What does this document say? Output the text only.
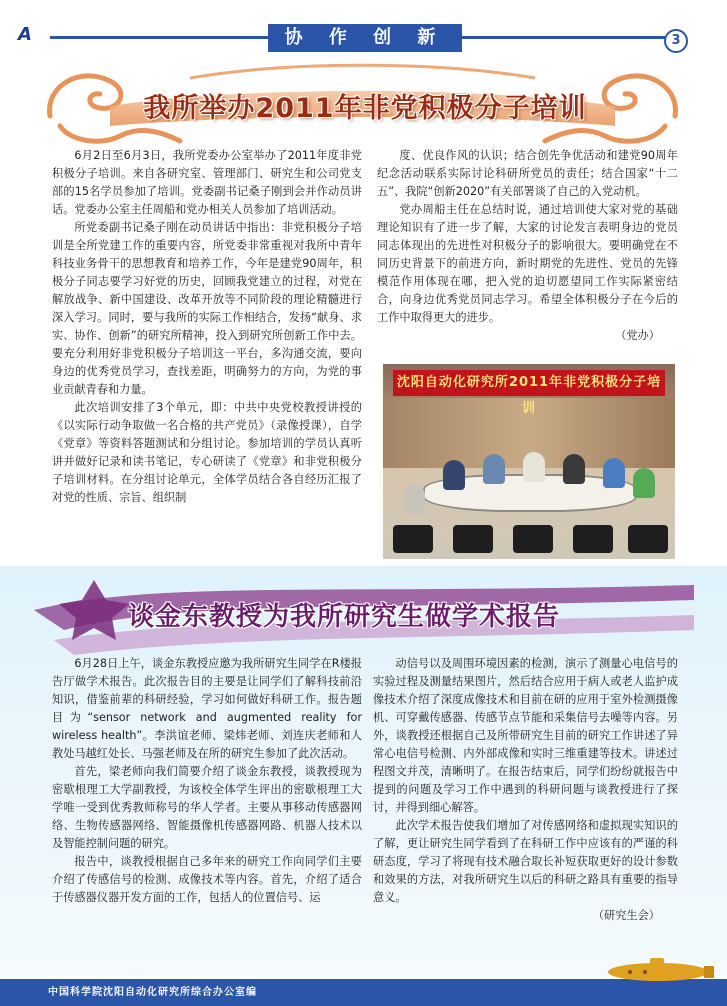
A	协 作 创 新	3
我所举办2011年非党积极分子培训

6月2日至6月3日，我所党委办公室举办了2011年度非党积极分子培训。来自各研究室、管理部门、研究生和公司党支部的15名学员参加了培训。党委副书记桑子刚到会并作动员讲话。党委办公室主任周船和党办相关人员参加了培训活动。

所党委副书记桑子刚在动员讲话中指出：非党积极分子培训是全所党建工作的重要内容，所党委非常重视对我所中青年科技业务骨干的思想教育和培养工作，今年是建党90周年，积极分子同志要学习好党的历史，回顾我党建立的过程，对党在解放战争、新中国建设、改革开放等不同阶段的理论精髓进行深入学习。同时，要与我所的实际工作相结合，发扬“献身、求实、协作、创新”的研究所精神，投入到研究所创新工作中去。要充分利用好非党积极分子培训这一平台，多沟通交流，要向身边的优秀党员学习，查找差距，明确努力的方向，为党的事业贡献青春和力量。

此次培训安排了3个单元，即：中共中央党校教授讲授的《以实际行动争取做一名合格的共产党员》（录像授课），自学《党章》等资料答题测试和分组讨论。参加培训的学员认真听讲并做好记录和读书笔记，专心研读了《党章》和非党积极分子培训材料。在分组讨论单元，全体学员结合各自经历汇报了对党的性质、宗旨、组织制

度、优良作风的认识；结合创先争优活动和建党90周年纪念活动联系实际讨论科研所党员的责任；结合国家“十二五”、我院“创新2020”有关部署谈了自己的入党动机。

党办周船主任在总结时说，通过培训使大家对党的基础理论知识有了进一步了解，大家的讨论发言表明身边的党员同志体现出的先进性对积极分子的影响很大。要明确党在不同历史背景下的前进方向，新时期党的先进性、党员的先锋模范作用体现在哪，把入党的迫切愿望同工作实际紧密结合，向身边优秀党员同志学习。希望全体积极分子在今后的工作中取得更大的进步。

（党办）
沈阳自动化研究所2011年非党积极分子培训
谈金东教授为我所研究生做学术报告

6月28日上午，谈金东教授应邀为我所研究生同学在R楼报告厅做学术报告。此次报告目的主要是让同学们了解科技前沿知识，借鉴前辈的科研经验，学习如何做好科研工作。报告题目为“sensor network and augmented reality for wireless health”。李洪谊老师、梁炜老师、刘连庆老师和人教处马越红处长、马强老师及在所的研究生参加了此次活动。

首先，梁老师向我们简要介绍了谈金东教授，谈教授现为密歇根理工大学副教授，为该校全体学生评出的密歇根理工大学唯一受到优秀教师称号的华人学者。主要从事移动传感器网络、生物传感器网络、智能摄像机传感器网路、机器人技术以及智能控制问题的研究。

报告中，谈教授根据自己多年来的研究工作向同学们主要介绍了传感信号的检测、成像技术等内容。首先，介绍了适合于传感器仪器开发方面的工作，包括人的位置信号、运

动信号以及周围环境因素的检测，演示了测量心电信号的实验过程及测量结果图片，然后结合应用于病人或老人监护成像技术介绍了深度成像技术和目前在研的应用于室外检测摄像机、可穿戴传感器、传感节点节能和采集信号去噪等内容。另外，谈教授还根据自己及所带研究生目前的研究工作讲述了异常心电信号检测、内外部成像和实时三维重建等技术。讲述过程图文并茂，清晰明了。在报告结束后，同学们纷纷就报告中提到的问题及学习工作中遇到的科研问题与谈教授进行了探讨，并得到细心解答。

此次学术报告使我们增加了对传感网络和虚拟现实知识的了解，更让研究生同学看到了在科研工作中应该有的严谨的科研态度，学习了将现有技术融合取长补短获取更好的设计参数和效果的方法，对我所研究生以后的科研之路具有重要的指导意义。

（研究生会）
中国科学院沈阳自动化研究所综合办公室编
